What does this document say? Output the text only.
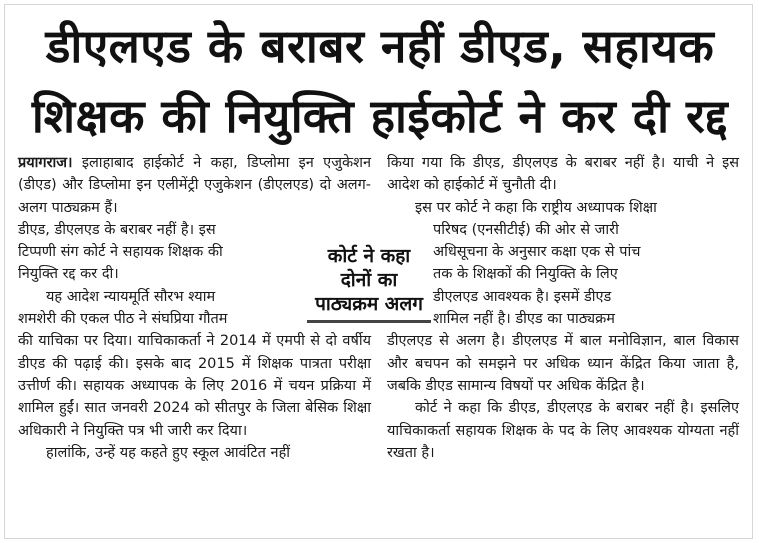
डीएलएड के बराबर नहीं डीएड, सहायक
शिक्षक की नियुक्ति हाईकोर्ट ने कर दी रद्द

प्रयागराज। इलाहाबाद हाईकोर्ट ने कहा, डिप्लोमा इन एजुकेशन (डीएड) और डिप्लोमा इन एलीमेंट्री एजुकेशन (डीएलएड) दो अलग-अलग पाठ्यक्रम हैं।

डीएड, डीएलएड के बराबर नहीं है। इस

टिप्पणी संग कोर्ट ने सहायक शिक्षक की

नियुक्ति रद्द कर दी।

यह आदेश न्यायमूर्ति सौरभ श्याम

शमशेरी की एकल पीठ ने संघप्रिया गौतम

की याचिका पर दिया। याचिकाकर्ता ने 2014 में एमपी से दो वर्षीय डीएड की पढ़ाई की। इसके बाद 2015 में शिक्षक पात्रता परीक्षा उत्तीर्ण की। सहायक अध्यापक के लिए 2016 में चयन प्रक्रिया में शामिल हुईं। सात जनवरी 2024 को सीतपुर के जिला बेसिक शिक्षा अधिकारी ने नियुक्ति पत्र भी जारी कर दिया।

हालांकि, उन्हें यह कहते हुए स्कूल आवंटित नहीं

किया गया कि डीएड, डीएलएड के बराबर नहीं है। याची ने इस आदेश को हाईकोर्ट में चुनौती दी।

इस पर कोर्ट ने कहा कि राष्ट्रीय अध्यापक शिक्षा

परिषद (एनसीटीई) की ओर से जारी

अधिसूचना के अनुसार कक्षा एक से पांच

तक के शिक्षकों की नियुक्ति के लिए

डीएलएड आवश्यक है। इसमें डीएड

शामिल नहीं है। डीएड का पाठ्यक्रम

डीएलएड से अलग है। डीएलएड में बाल मनोविज्ञान, बाल विकास और बचपन को समझने पर अधिक ध्यान केंद्रित किया जाता है, जबकि डीएड सामान्य विषयों पर अधिक केंद्रित है।

कोर्ट ने कहा कि डीएड, डीएलएड के बराबर नहीं है। इसलिए याचिकाकर्ता सहायक शिक्षक के पद के लिए आवश्यक योग्यता नहीं रखता है।

कोर्ट ने कहा
दोनों का
पाठ्यक्रम अलग
